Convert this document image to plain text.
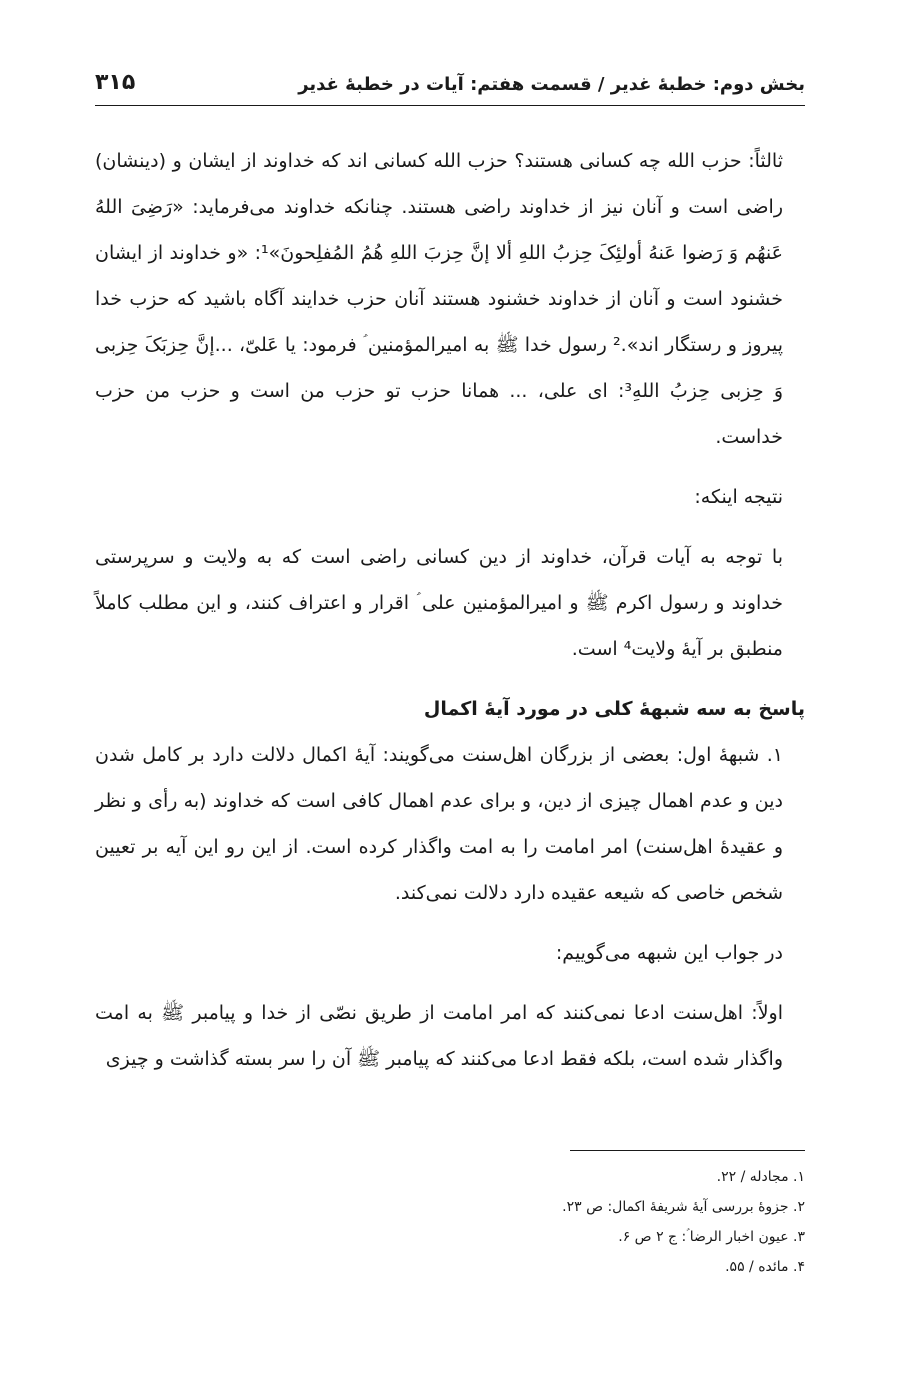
بخش دوم: خطبهٔ غدیر / قسمت هفتم: آیات در خطبهٔ غدیر
۳۱۵

ثالثاً: حزب الله چه کسانی هستند؟ حزب الله کسانی اند که خداوند از ایشان و (دینشان) راضی است و آنان نیز از خداوند راضی هستند. چنانکه خداوند می‌فرماید: «رَضِیَ اللهُ عَنهُم وَ رَضوا عَنهُ أولئِکَ حِزبُ اللهِ ألا إنَّ حِزبَ اللهِ هُمُ المُفلِحونَ»¹: «و خداوند از ایشان خشنود است و آنان از خداوند خشنود هستند آنان حزب خدایند آگاه باشید که حزب خدا پیروز و رستگار اند».² رسول خدا ﷺ به امیرالمؤمنین ؑ فرمود: یا عَلیّ، ...إنَّ حِزبَکَ حِزبی وَ حِزبی حِزبُ اللهِ³: ای علی، ... همانا حزب تو حزب من است و حزب من حزب خداست.

نتیجه اینکه:

با توجه به آیات قرآن، خداوند از دین کسانی راضی است که به ولایت و سرپرستی خداوند و رسول اکرم ﷺ و امیرالمؤمنین علی ؑ اقرار و اعتراف کنند، و این مطلب کاملاً منطبق بر آیهٔ ولایت⁴ است.

پاسخ به سه شبههٔ کلی در مورد آیهٔ اکمال

۱. شبههٔ اول: بعضی از بزرگان اهل‌سنت می‌گویند: آیهٔ اکمال دلالت دارد بر کامل شدن دین و عدم اهمال چیزی از دین، و برای عدم اهمال کافی است که خداوند (به رأی و نظر و عقیدهٔ اهل‌سنت) امر امامت را به امت واگذار کرده است. از این رو این آیه بر تعیین شخص خاصی که شیعه عقیده دارد دلالت نمی‌کند.

در جواب این شبهه می‌گوییم:

اولاً: اهل‌سنت ادعا نمی‌کنند که امر امامت از طریق نصّی از خدا و پیامبر ﷺ به امت واگذار شده است، بلکه فقط ادعا می‌کنند که پیامبر ﷺ آن را سر بسته گذاشت و چیزی

۱. مجادله / ۲۲.

۲. جزوهٔ بررسی آیهٔ شریفهٔ اکمال: ص ۲۳.

۳. عیون اخبار الرضا ؑ: ج ۲ ص ۶.

۴. مائده / ۵۵.
